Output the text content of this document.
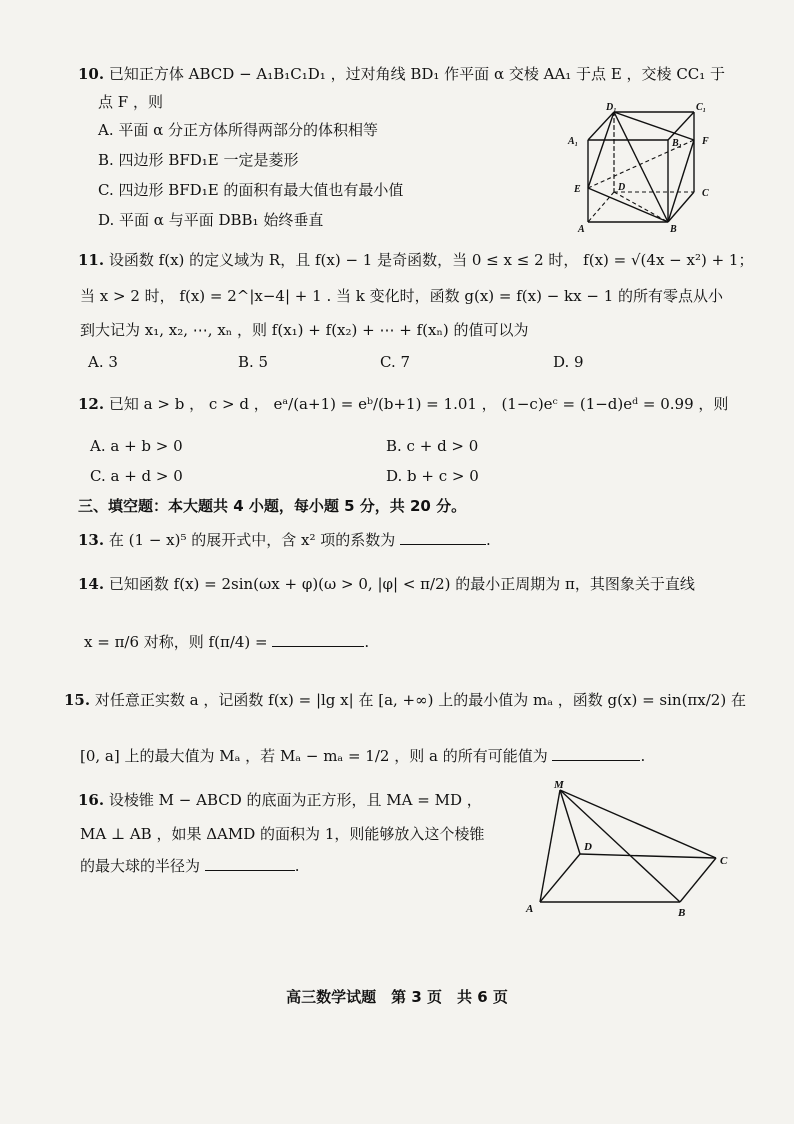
10. 已知正方体 ABCD − A₁B₁C₁D₁ ，过对角线 BD₁ 作平面 α 交棱 AA₁ 于点 E ，交棱 CC₁ 于
点 F ，则
A. 平面 α 分正方体所得两部分的体积相等
B. 四边形 BFD₁E 一定是菱形
C. 四边形 BFD₁E 的面积有最大值也有最小值
D. 平面 α 与平面 DBB₁ 始终垂直
D₁	C₁
A₁	B₁ F
E	D
C
A	B
11. 设函数 f(x) 的定义域为 R，且 f(x) − 1 是奇函数，当 0 ≤ x ≤ 2 时， f(x) = √(4x − x²) + 1；
当 x > 2 时， f(x) = 2^|x−4| + 1 . 当 k 变化时，函数 g(x) = f(x) − kx − 1 的所有零点从小
到大记为 x₁, x₂, ⋯, xₙ ，则 f(x₁) + f(x₂) + ⋯ + f(xₙ) 的值可以为
A. 3	B. 5	C. 7	D. 9
12. 已知 a > b ， c > d ， eᵃ/(a+1) = eᵇ/(b+1) = 1.01 ， (1−c)eᶜ = (1−d)eᵈ = 0.99 ，则
A. a + b > 0	B. c + d > 0
C. a + d > 0	D. b + c > 0
三、填空题：本大题共 4 小题，每小题 5 分，共 20 分。
13. 在 (1 − x)⁵ 的展开式中，含 x² 项的系数为	.
14. 已知函数 f(x) = 2sin(ωx + φ)(ω > 0, |φ| < π/2) 的最小正周期为 π，其图象关于直线
x = π/6 对称，则 f(π/4) =	.
15. 对任意正实数 a ，记函数 f(x) = |lg x| 在 [a, +∞) 上的最小值为 mₐ ，函数 g(x) = sin(πx/2) 在
[0, a] 上的最大值为 Mₐ ，若 Mₐ − mₐ = 1/2 ，则 a 的所有可能值为	.
16. 设棱锥 M − ABCD 的底面为正方形，且 MA = MD ，
MA ⊥ AB ，如果 ΔAMD 的面积为 1，则能够放入这个棱锥
的最大球的半径为	.
M
D
C
A	B
高三数学试题　第 3 页　共 6 页
